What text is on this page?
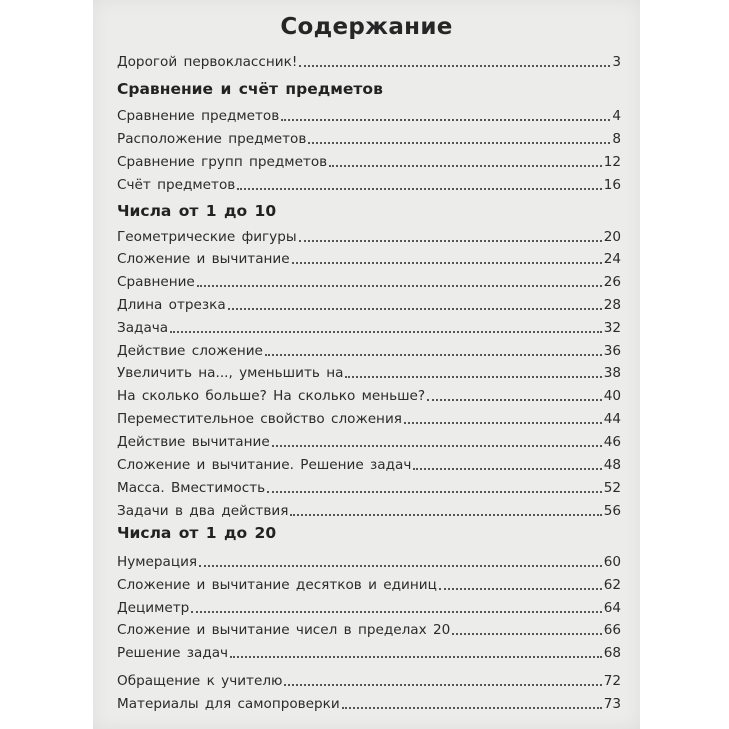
Содержание
Дорогой первоклассник!	3
Сравнение и счёт предметов
Сравнение предметов	4
Расположение предметов	8
Сравнение групп предметов	12
Счёт предметов	16
Числа от 1 до 10
Геометрические фигуры	20
Сложение и вычитание	24
Сравнение	26
Длина отрезка	28
Задача	32
Действие сложение	36
Увеличить на..., уменьшить на	38
На сколько больше? На сколько меньше?	40
Переместительное свойство сложения	44
Действие вычитание	46
Сложение и вычитание. Решение задач	48
Масса. Вместимость	52
Задачи в два действия	56
Числа от 1 до 20
Нумерация	60
Сложение и вычитание десятков и единиц	62
Дециметр	64
Сложение и вычитание чисел в пределах 20	66
Решение задач	68
Обращение к учителю	72
Материалы для самопроверки	73
